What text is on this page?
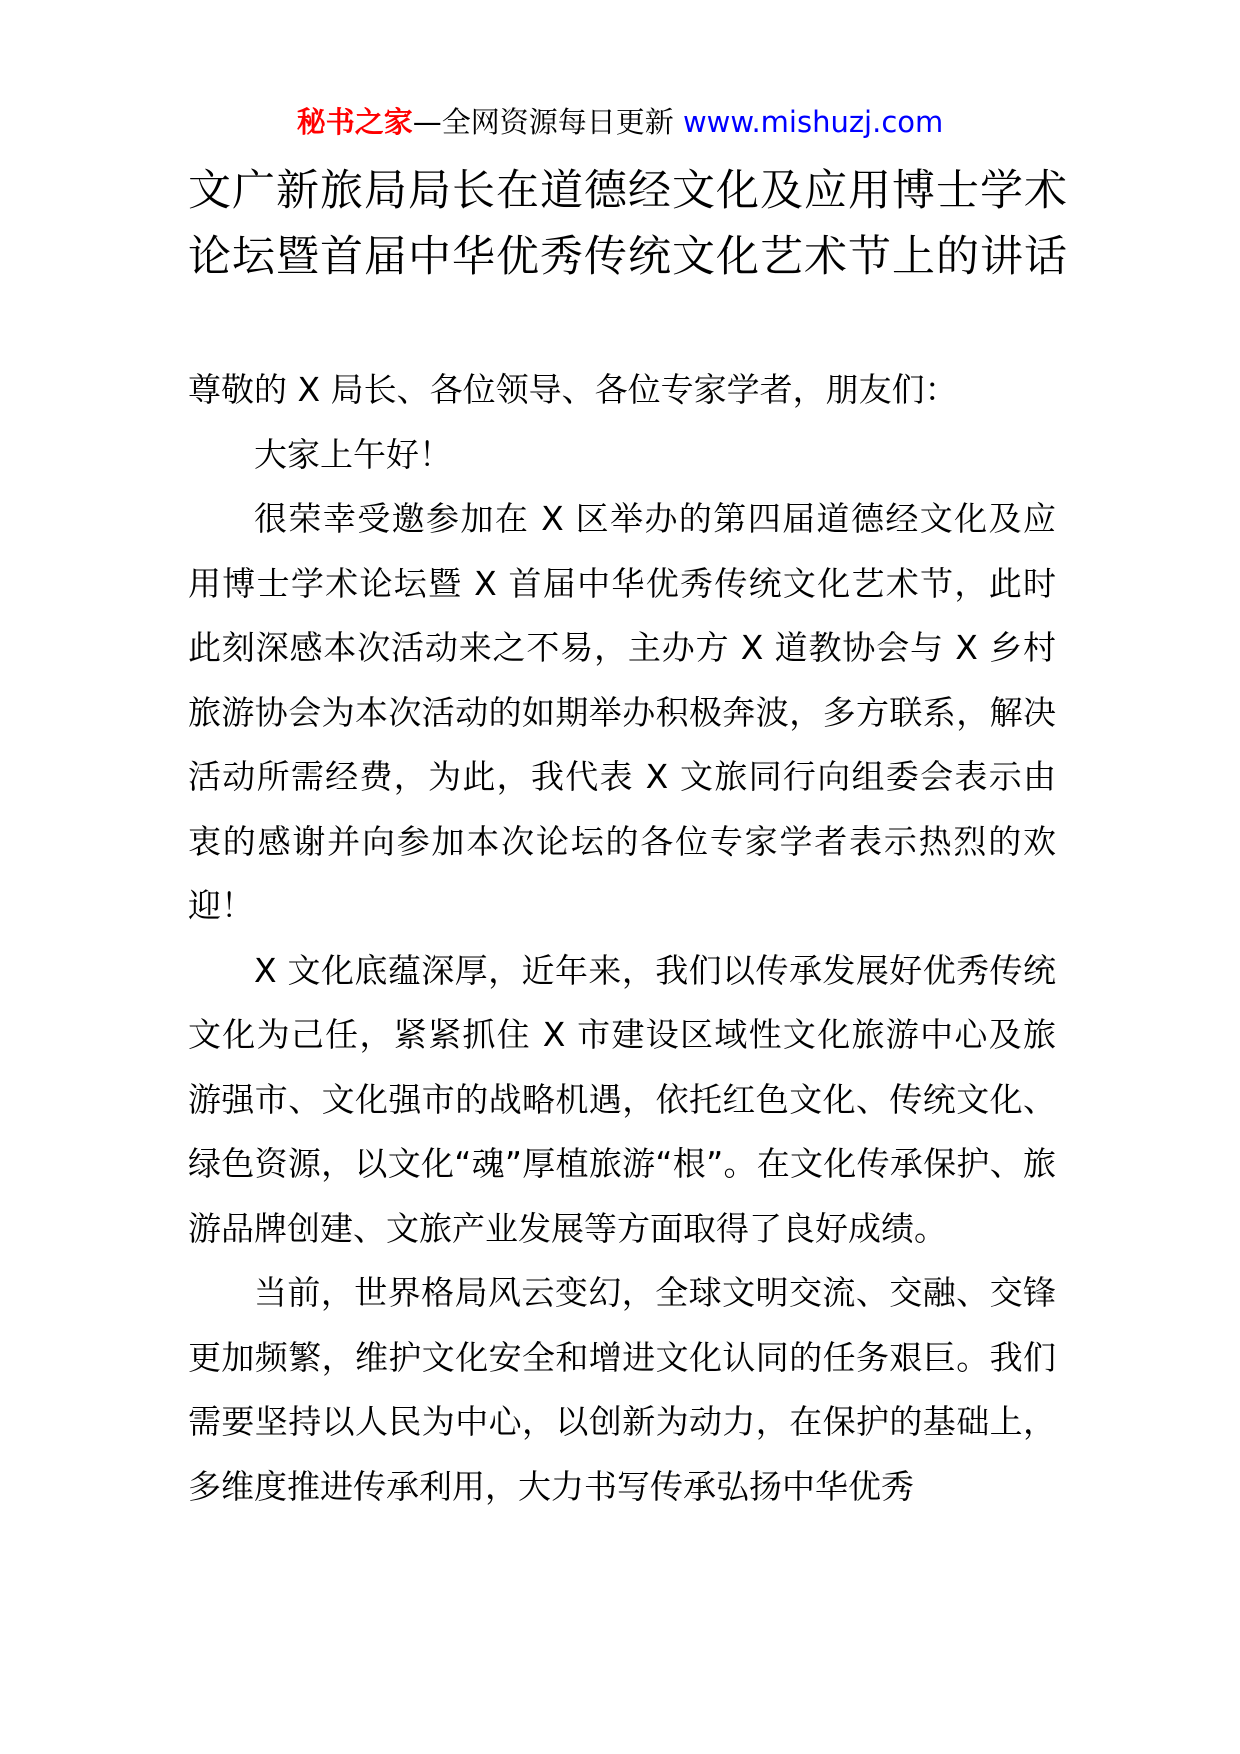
秘书之家—全网资源每日更新 www.mishuzj.com
文广新旅局局长在道德经文化及应用博士学术论坛暨首届中华优秀传统文化艺术节上的讲话

尊敬的 X 局长、各位领导、各位专家学者，朋友们：

大家上午好！

很荣幸受邀参加在 X 区举办的第四届道德经文化及应用博士学术论坛暨 X 首届中华优秀传统文化艺术节，此时此刻深感本次活动来之不易，主办方 X 道教协会与 X 乡村旅游协会为本次活动的如期举办积极奔波，多方联系，解决活动所需经费，为此，我代表 X 文旅同行向组委会表示由衷的感谢并向参加本次论坛的各位专家学者表示热烈的欢迎！

X 文化底蕴深厚，近年来，我们以传承发展好优秀传统文化为己任，紧紧抓住 X 市建设区域性文化旅游中心及旅游强市、文化强市的战略机遇，依托红色文化、传统文化、绿色资源，以文化“魂”厚植旅游“根”。在文化传承保护、旅游品牌创建、文旅产业发展等方面取得了良好成绩。

当前，世界格局风云变幻，全球文明交流、交融、交锋更加频繁，维护文化安全和增进文化认同的任务艰巨。我们需要坚持以人民为中心，以创新为动力，在保护的基础上，多维度推进传承利用，大力书写传承弘扬中华优秀
